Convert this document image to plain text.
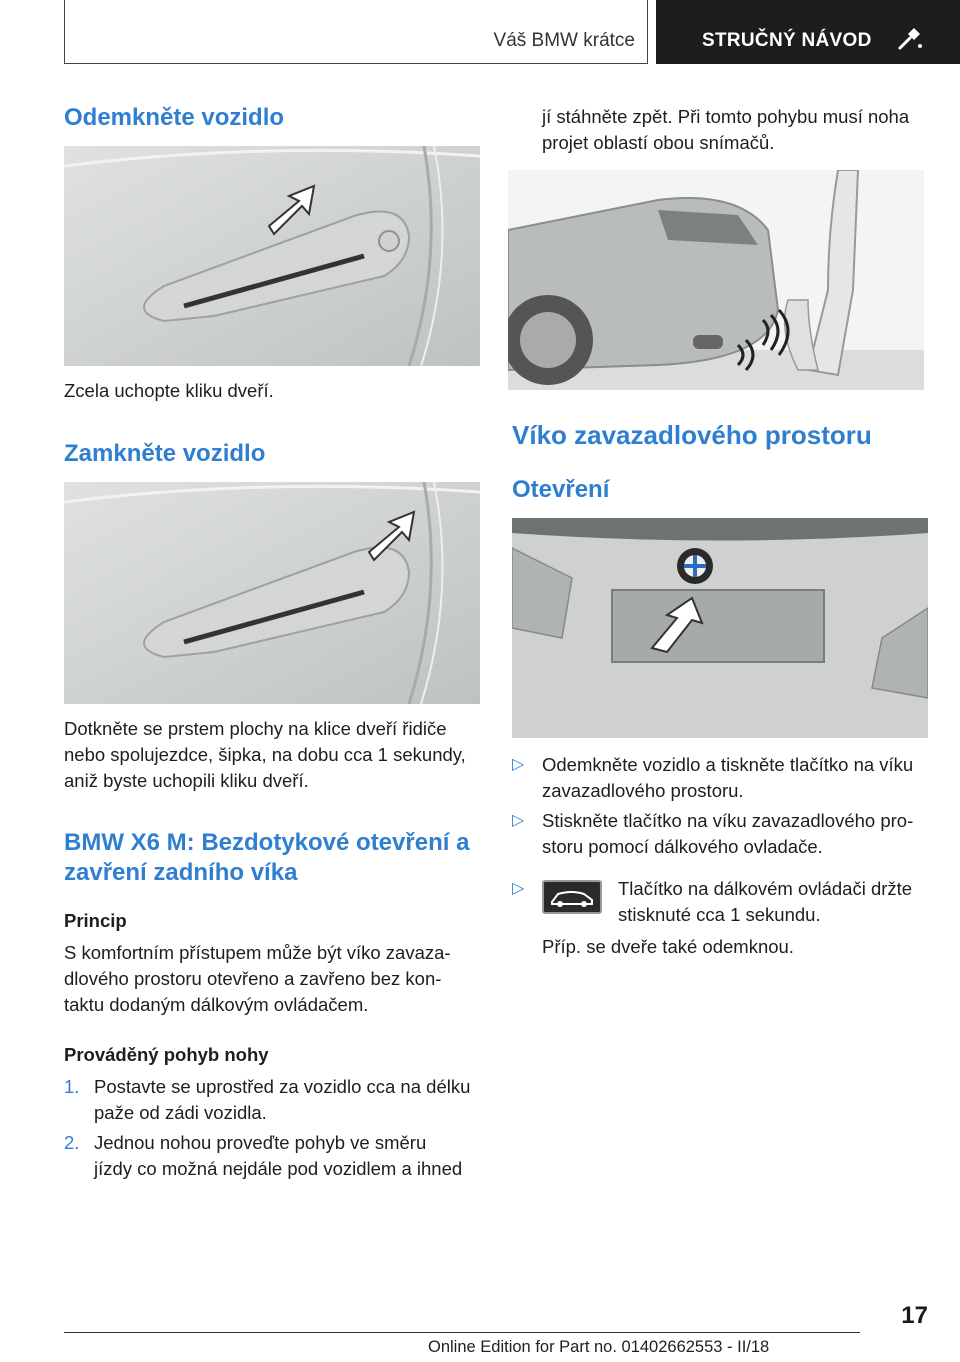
Váš BMW krátce	STRUČNÝ NÁVOD
Odemkněte vozidlo
Zcela uchopte kliku dveří.
Zamkněte vozidlo
Dotkněte se prstem plochy na klice dveří řidiče
nebo spolujezdce, šipka, na dobu cca 1 sekundy,
aniž byste uchopili kliku dveří.
BMW X6 M: Bezdotykové otevření a
zavření zadního víka
Princip
S komfortním přístupem může být víko zavaza-
dlového prostoru otevřeno a zavřeno bez kon-
taktu dodaným dálkovým ovládačem.
Prováděný pohyb nohy
1. Postavte se uprostřed za vozidlo cca na délku
paže od zádi vozidla.
2. Jednou nohou proveďte pohyb ve směru
jízdy co možná nejdále pod vozidlem a ihned
jí stáhněte zpět. Při tomto pohybu musí noha
projet oblastí obou snímačů.
Víko zavazadlového prostoru
Otevření
▷ Odemkněte vozidlo a tiskněte tlačítko na víku
zavazadlového prostoru.
▷ Stiskněte tlačítko na víku zavazadlového pro-
storu pomocí dálkového ovladače.
▷	Tlačítko na dálkovém ovládači držte
stisknuté cca 1 sekundu.
Příp. se dveře také odemknou.
17
Online Edition for Part no. 01402662553 - II/18
